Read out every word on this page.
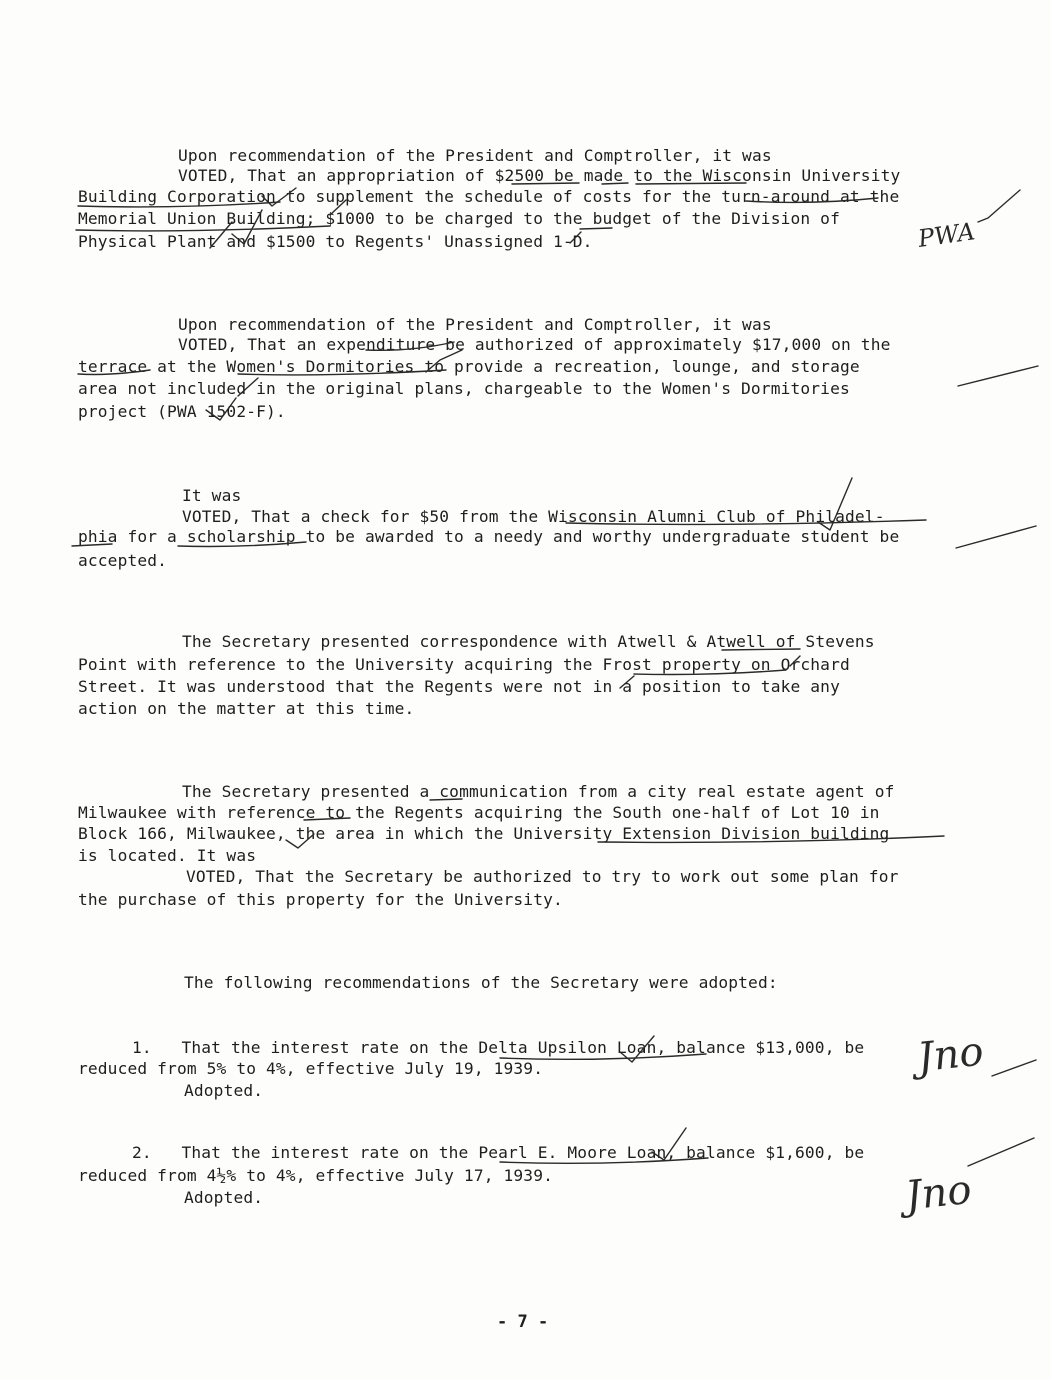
Upon recommendation of the President and Comptroller, it was
VOTED, That an appropriation of $2500 be made to the Wisconsin University
Building Corporation to supplement the schedule of costs for the turn-around at the
Memorial Union Building; $1000 to be charged to the budget of the Division of
Physical Plant and $1500 to Regents' Unassigned 1-D.
Upon recommendation of the President and Comptroller, it was
VOTED, That an expenditure be authorized of approximately $17,000 on the
terrace at the Women's Dormitories to provide a recreation, lounge, and storage
area not included in the original plans, chargeable to the Women's Dormitories
project (PWA 1502-F).
It was
VOTED, That a check for $50 from the Wisconsin Alumni Club of Philadel-
phia for a scholarship to be awarded to a needy and worthy undergraduate student be
accepted.
The Secretary presented correspondence with Atwell & Atwell of Stevens
Point with reference to the University acquiring the Frost property on Orchard
Street. It was understood that the Regents were not in a position to take any
action on the matter at this time.
The Secretary presented a communication from a city real estate agent of
Milwaukee with reference to the Regents acquiring the South one-half of Lot 10 in
Block 166, Milwaukee, the area in which the University Extension Division building
is located. It was
VOTED, That the Secretary be authorized to try to work out some plan for
the purchase of this property for the University.
The following recommendations of the Secretary were adopted:
1.   That the interest rate on the Delta Upsilon Loan, balance $13,000, be
reduced from 5% to 4%, effective July 19, 1939.
Adopted.
2.   That the interest rate on the Pearl E. Moore Loan, balance $1,600, be
reduced from 4½% to 4%, effective July 17, 1939.
Adopted.
- 7 -
PWA
Jno
Jno
